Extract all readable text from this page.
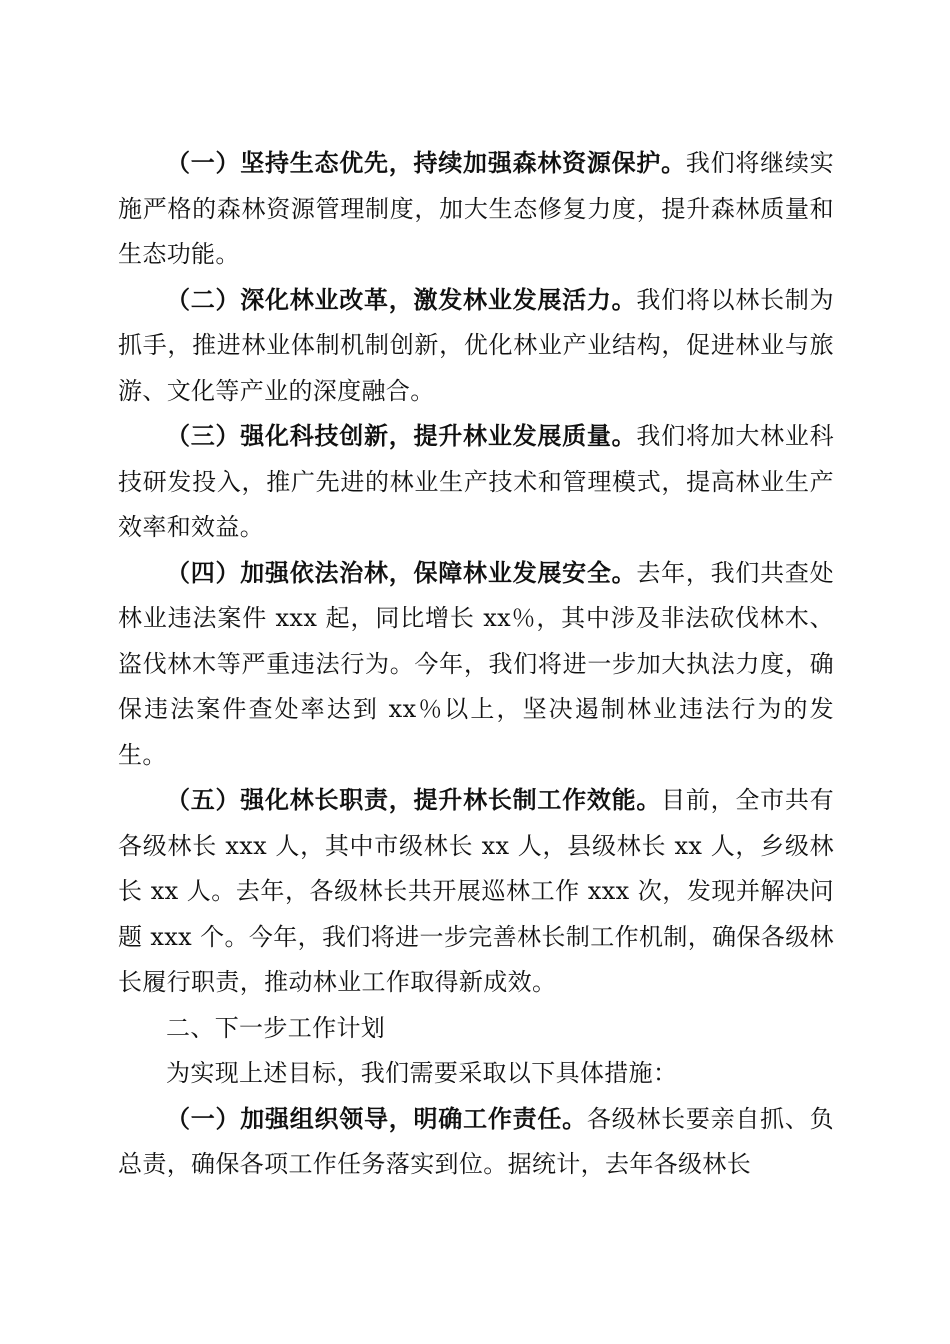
（一）坚持生态优先，持续加强森林资源保护。我们将继续实施严格的森林资源管理制度，加大生态修复力度，提升森林质量和生态功能。

（二）深化林业改革，激发林业发展活力。我们将以林长制为抓手，推进林业体制机制创新，优化林业产业结构，促进林业与旅游、文化等产业的深度融合。

（三）强化科技创新，提升林业发展质量。我们将加大林业科技研发投入，推广先进的林业生产技术和管理模式，提高林业生产效率和效益。

（四）加强依法治林，保障林业发展安全。去年，我们共查处林业违法案件 xxx 起，同比增长 xx％，其中涉及非法砍伐林木、盗伐林木等严重违法行为。今年，我们将进一步加大执法力度，确保违法案件查处率达到 xx％以上，坚决遏制林业违法行为的发生。

（五）强化林长职责，提升林长制工作效能。目前，全市共有各级林长 xxx 人，其中市级林长 xx 人，县级林长 xx 人，乡级林长 xx 人。去年，各级林长共开展巡林工作 xxx 次，发现并解决问题 xxx 个。今年，我们将进一步完善林长制工作机制，确保各级林长履行职责，推动林业工作取得新成效。

二、下一步工作计划

为实现上述目标，我们需要采取以下具体措施：

（一）加强组织领导，明确工作责任。各级林长要亲自抓、负总责，确保各项工作任务落实到位。据统计，去年各级林长
